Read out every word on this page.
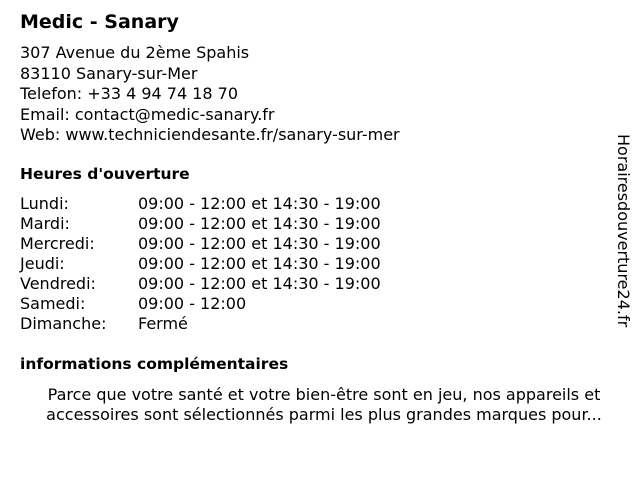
Medic - Sanary
307 Avenue du 2ème Spahis
83110 Sanary-sur-Mer
Telefon: +33 4 94 74 18 70
Email: contact@medic-sanary.fr
Web: www.techniciendesante.fr/sanary-sur-mer
Heures d'ouverture
Lundi:	09:00 - 12:00 et 14:30 - 19:00
Mardi:	09:00 - 12:00 et 14:30 - 19:00
Mercredi:	09:00 - 12:00 et 14:30 - 19:00
Jeudi:	09:00 - 12:00 et 14:30 - 19:00
Vendredi:	09:00 - 12:00 et 14:30 - 19:00
Samedi:	09:00 - 12:00
Dimanche:	Fermé
informations complémentaires
Parce que votre santé et votre bien-être sont en jeu, nos appareils et
accessoires sont sélectionnés parmi les plus grandes marques pour...
Horairesdouverture24.fr
